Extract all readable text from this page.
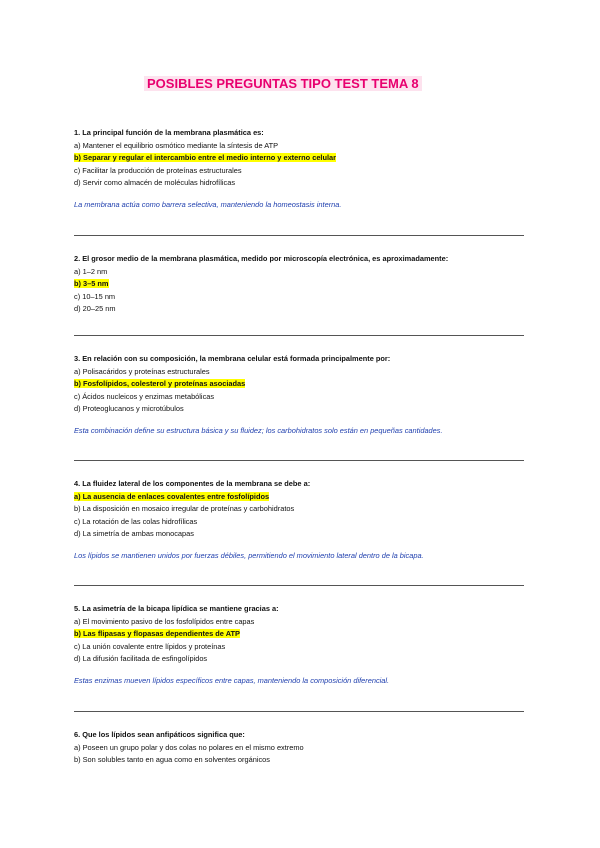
POSIBLES PREGUNTAS TIPO TEST TEMA 8
1. La principal función de la membrana plasmática es:
a) Mantener el equilibrio osmótico mediante la síntesis de ATP
b) Separar y regular el intercambio entre el medio interno y externo celular
c) Facilitar la producción de proteínas estructurales
d) Servir como almacén de moléculas hidrofílicas
La membrana actúa como barrera selectiva, manteniendo la homeostasis interna.
2. El grosor medio de la membrana plasmática, medido por microscopía electrónica, es aproximadamente:
a) 1–2 nm
b) 3–5 nm
c) 10–15 nm
d) 20–25 nm
3. En relación con su composición, la membrana celular está formada principalmente por:
a) Polisacáridos y proteínas estructurales
b) Fosfolípidos, colesterol y proteínas asociadas
c) Ácidos nucleicos y enzimas metabólicas
d) Proteoglucanos y microtúbulos
Esta combinación define su estructura básica y su fluidez; los carbohidratos solo están en pequeñas cantidades.
4. La fluidez lateral de los componentes de la membrana se debe a:
a) La ausencia de enlaces covalentes entre fosfolípidos
b) La disposición en mosaico irregular de proteínas y carbohidratos
c) La rotación de las colas hidrofílicas
d) La simetría de ambas monocapas
Los lípidos se mantienen unidos por fuerzas débiles, permitiendo el movimiento lateral dentro de la bicapa.
5. La asimetría de la bicapa lipídica se mantiene gracias a:
a) El movimiento pasivo de los fosfolípidos entre capas
b) Las flipasas y flopasas dependientes de ATP
c) La unión covalente entre lípidos y proteínas
d) La difusión facilitada de esfingolípidos
Estas enzimas mueven lípidos específicos entre capas, manteniendo la composición diferencial.
6. Que los lípidos sean anfipáticos significa que:
a) Poseen un grupo polar y dos colas no polares en el mismo extremo
b) Son solubles tanto en agua como en solventes orgánicos
